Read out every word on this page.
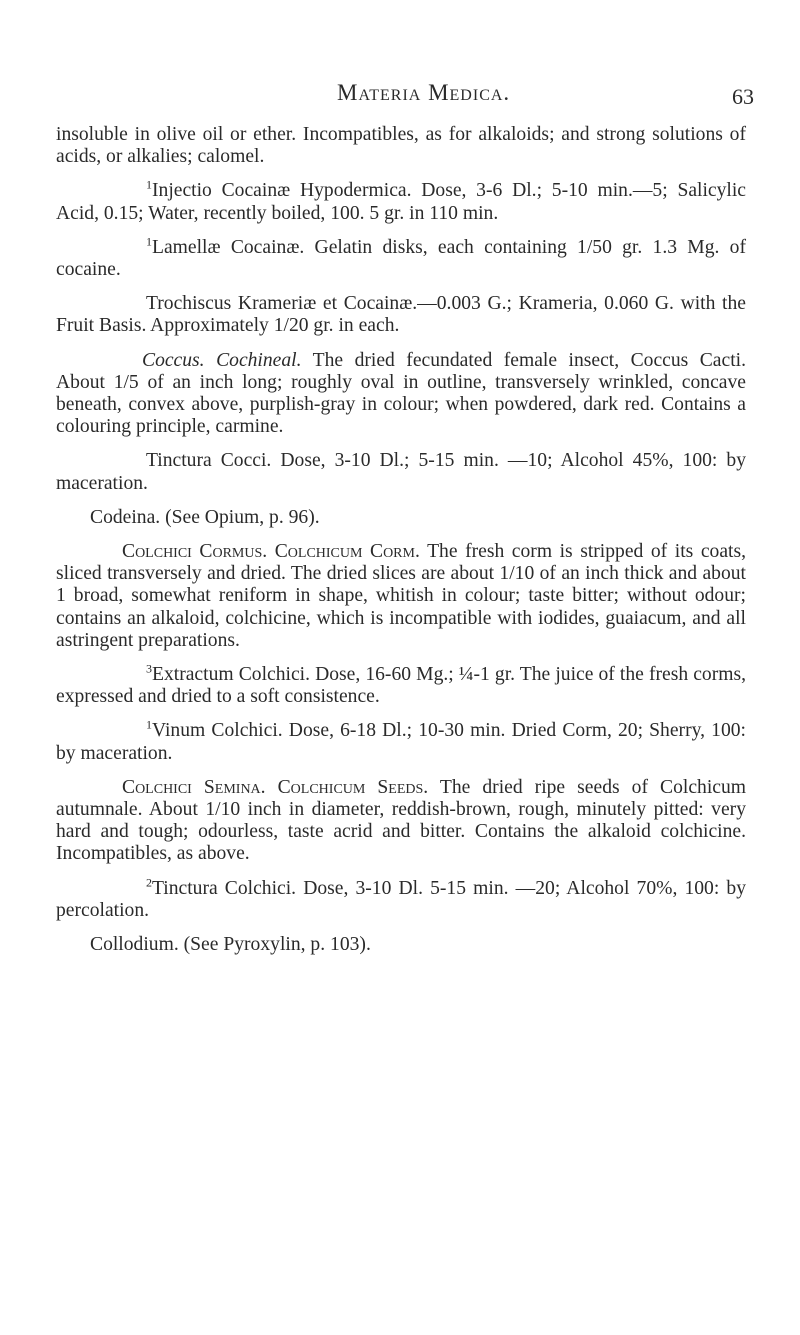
Materia Medica.	63

insoluble in olive oil or ether. Incompatibles, as for alkaloids; and strong solutions of acids, or alkalies; calomel.

$^1$Injectio Cocainæ Hypodermica. Dose, 3-6 Dl.; 5-10 min.—5; Salicylic Acid, 0.15; Water, recently boiled, 100. 5 gr. in 110 min.

$^1$Lamellæ Cocainæ. Gelatin disks, each containing 1/50 gr. 1.3 Mg. of cocaine.

Trochiscus Krameriæ et Cocainæ.—0.003 G.; Krameria, 0.060 G. with the Fruit Basis. Approximately 1/20 gr. in each.

Coccus. Cochineal. The dried fecundated female insect, Coccus Cacti. About 1/5 of an inch long; roughly oval in outline, transversely wrinkled, concave beneath, convex above, purplish-gray in colour; when powdered, dark red. Contains a colouring principle, carmine.

Tinctura Cocci. Dose, 3-10 Dl.; 5-15 min. —10; Alcohol 45%, 100: by maceration.

Codeina. (See Opium, p. 96).

Colchici Cormus. Colchicum Corm. The fresh corm is stripped of its coats, sliced transversely and dried. The dried slices are about 1/10 of an inch thick and about 1 broad, somewhat reniform in shape, whitish in colour; taste bitter; without odour; contains an alkaloid, colchicine, which is incompatible with iodides, guaiacum, and all astringent preparations.

$^3$Extractum Colchici. Dose, 16-60 Mg.; ¼-1 gr. The juice of the fresh corms, expressed and dried to a soft consistence.

$^1$Vinum Colchici. Dose, 6-18 Dl.; 10-30 min. Dried Corm, 20; Sherry, 100: by maceration.

Colchici Semina. Colchicum Seeds. The dried ripe seeds of Colchicum autumnale. About 1/10 inch in diameter, reddish-brown, rough, minutely pitted: very hard and tough; odourless, taste acrid and bitter. Contains the alkaloid colchicine. Incompatibles, as above.

$^2$Tinctura Colchici. Dose, 3-10 Dl. 5-15 min. —20; Alcohol 70%, 100: by percolation.

Collodium. (See Pyroxylin, p. 103).
